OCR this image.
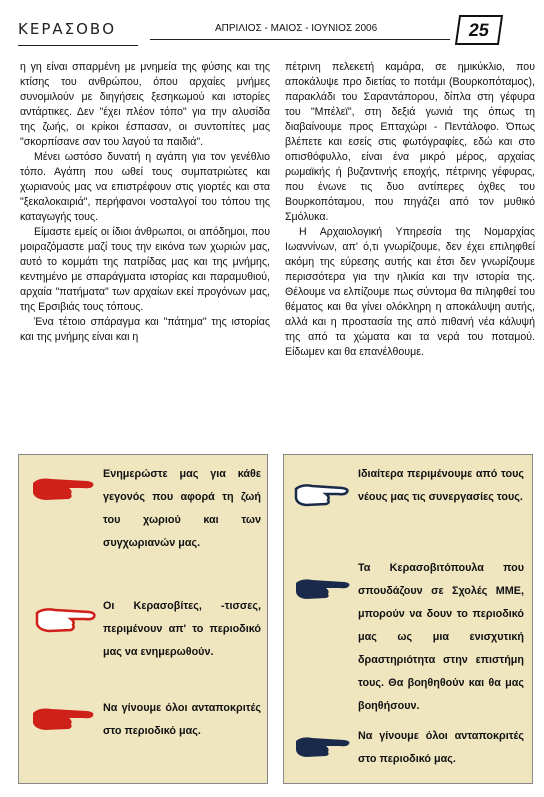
ΚΕΡΑΣΟΒΟ	ΑΠΡΙΛΙΟΣ - ΜΑΙΟΣ - ΙΟΥΝΙΟΣ 2006	25

η γη είναι σπαρμένη με μνημεία της φύσης και της κτίσης του ανθρώπου, όπου αρχαίες μνήμες συνομιλούν με διηγήσεις ξεσηκωμού και ιστορίες αντάρτικες. Δεν "έχει πλέον τόπο" για την αλυσίδα της ζωής, οι κρίκοι έσπασαν, οι συντοπίτες μας "σκορπίσανε σαν του λαγού τα παιδιά".

Μένει ωστόσο δυνατή η αγάπη για τον γενέθλιο τόπο. Αγάπη που ωθεί τους συμπατριώτες και χωριανούς μας να επιστρέφουν στις γιορτές και στα "ξεκαλοκαιριά", περήφανοι νοσταλγοί του τόπου της καταγωγής τους.

Είμαστε εμείς οι ίδιοι άνθρωποι, οι απόδημοι, που μοιραζόμαστε μαζί τους την εικόνα των χωριών μας, αυτό το κομμάτι της πατρίδας μας και της μνήμης, κεντημένο με σπαράγματα ιστορίας και παραμυθιού, αρχαία "πατήματα" των αρχαίων εκεί προγόνων μας, της Ερσιβιάς τους τόπους.

Ένα τέτοιο σπάραγμα και "πάτημα" της ιστορίας και της μνήμης είναι και η

πέτρινη πελεκετή καμάρα, σε ημικύκλιο, που αποκάλυψε προ διετίας το ποτάμι (Βουρκοπόταμος), παρακλάδι του Σαραντάπορου, δίπλα στη γέφυρα του "Μπέλεϊ", στη δεξιά γωνιά της όπως τη διαβαίνουμε προς Επταχώρι - Πεντάλοφο. Όπως βλέπετε και εσείς στις φωτόγραφίες, εδώ και στο οπισθόφυλλο, είναι ένα μικρό μέρος, αρχαίας ρωμαϊκής ή βυζαντινής εποχής, πέτρινης γέφυρας, που ένωνε τις δυο αντίπερες όχθες του Βουρκοπόταμου, που πηγάζει από τον μυθικό Σμόλυκα.

Η Αρχαιολογική Υπηρεσία της Νομαρχίας Ιωαννίνων, απ' ό,τι γνωρίζουμε, δεν έχει επιληφθεί ακόμη της εύρεσης αυτής και έτσι δεν γνωρίζουμε περισσότερα για την ηλικία και την ιστορία της. Θέλουμε να ελπίζουμε πως σύντομα θα πιληφθεί του θέματος και θα γίνει ολόκληρη η αποκάλυψη αυτής, αλλά και η προστασία της από πιθανή νέα κάλυψή της από τα χώματα και τα νερά του ποταμού. Είδωμεν και θα επανέλθουμε.

Ενημερώστε μας για κάθε γεγονός που αφορά τη ζωή του χωριού και των συγχωριανών μας.
Οι Κερασοβίτες, -τισσες, περιμένουν απ' το περιοδικό μας να ενημερωθούν.
Να γίνουμε όλοι ανταποκριτές στο περιοδικό μας.
Ιδιαίτερα περιμένουμε από τους νέους μας τις συνεργασίες τους.
Τα Κερασοβιτόπουλα που σπουδάζουν σε Σχολές ΜΜΕ, μπορούν να δουν το περιοδικό μας ως μια ενισχυτική δραστηριότητα στην επιστήμη τους. Θα βοηθηθούν και θα μας βοηθήσουν.
Να γίνουμε όλοι ανταποκριτές στο περιοδικό μας.
